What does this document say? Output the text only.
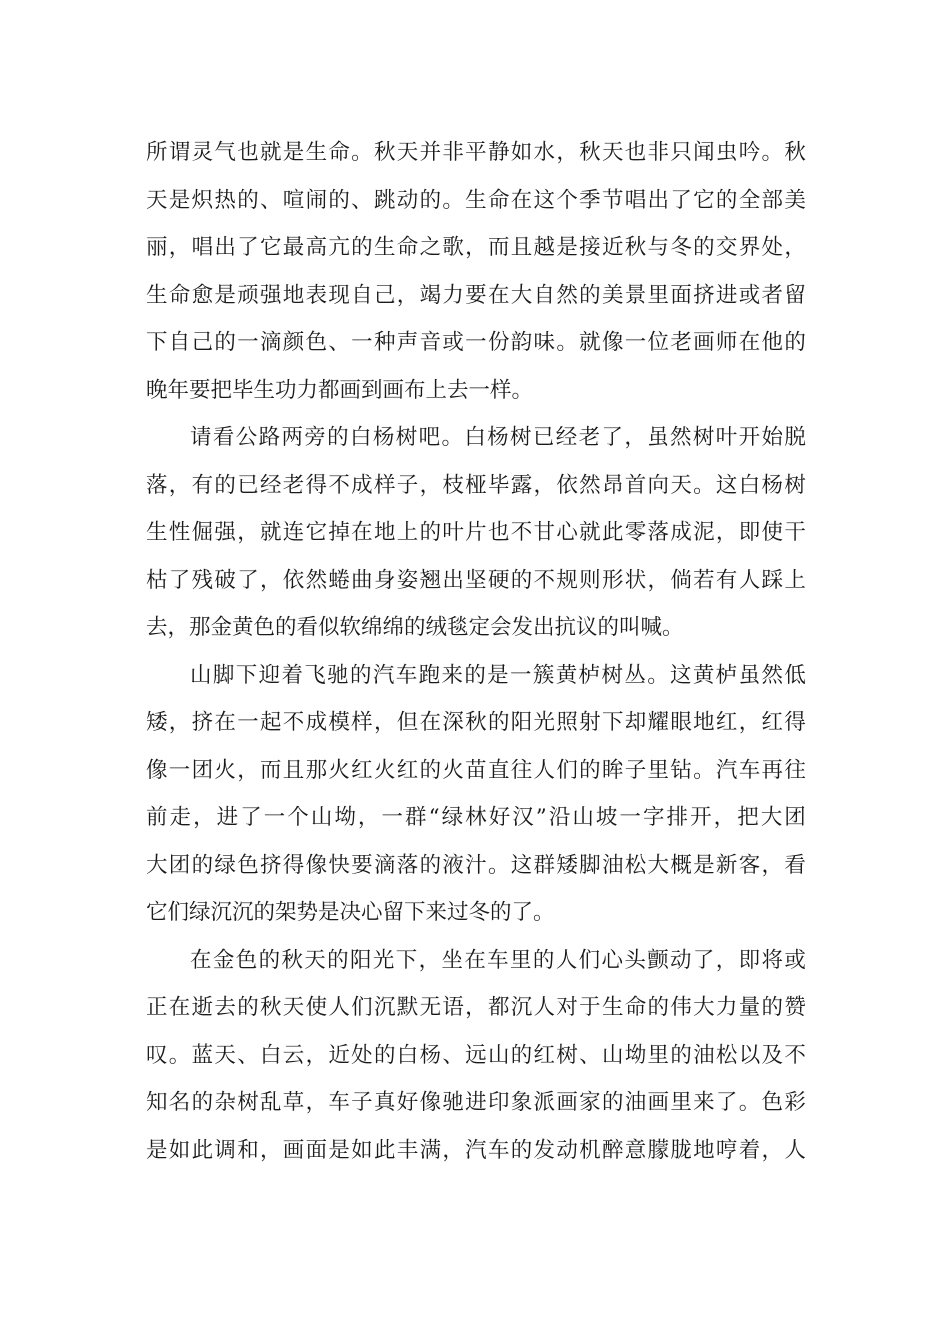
所 谓 灵 气 也 就 是 生 命 。 秋 天 并 非 平 静 如 水 ， 秋 天 也 非 只 闻 虫 吟 。 秋
天 是 炽 热 的 、 喧 闹 的 、 跳 动 的 。 生 命 在 这 个 季 节 唱 出 了 它 的 全 部 美
丽 ， 唱 出 了 它 最 高 亢 的 生 命 之 歌 ， 而 且 越 是 接 近 秋 与 冬 的 交 界 处 ，
生 命 愈 是 顽 强 地 表 现 自 己 ， 竭 力 要 在 大 自 然 的 美 景 里 面 挤 进 或 者 留
下 自 己 的 一 滴 颜 色 、 一 种 声 音 或 一 份 韵 味 。 就 像 一 位 老 画 师 在 他 的
晚年要把毕生功力都画到画布上去一样。
请 看 公 路 两 旁 的 白 杨 树 吧 。 白 杨 树 已 经 老 了 ， 虽 然 树 叶 开 始 脱
落 ， 有 的 已 经 老 得 不 成 样 子 ， 枝 桠 毕 露 ， 依 然 昂 首 向 天 。 这 白 杨 树
生 性 倔 强 ， 就 连 它 掉 在 地 上 的 叶 片 也 不 甘 心 就 此 零 落 成 泥 ， 即 使 干
枯 了 残 破 了 ， 依 然 蜷 曲 身 姿 翘 出 坚 硬 的 不 规 则 形 状 ， 倘 若 有 人 踩 上
去，那金黄色的看似软绵绵的绒毯定会发出抗议的叫喊。
山 脚 下 迎 着 飞 驰 的 汽 车 跑 来 的 是 一 簇 黄 栌 树 丛 。 这 黄 栌 虽 然 低
矮 ， 挤 在 一 起 不 成 模 样 ， 但 在 深 秋 的 阳 光 照 射 下 却 耀 眼 地 红 ， 红 得
像 一 团 火 ， 而 且 那 火 红 火 红 的 火 苗 直 往 人 们 的 眸 子 里 钻 。 汽 车 再 往
前 走 ， 进 了 一 个 山 坳 ， 一 群 “ 绿 林 好 汉 ” 沿 山 坡 一 字 排 开 ， 把 大 团
大 团 的 绿 色 挤 得 像 快 要 滴 落 的 液 汁 。 这 群 矮 脚 油 松 大 概 是 新 客 ， 看
它们绿沉沉的架势是决心留下来过冬的了。
在 金 色 的 秋 天 的 阳 光 下 ， 坐 在 车 里 的 人 们 心 头 颤 动 了 ， 即 将 或
正 在 逝 去 的 秋 天 使 人 们 沉 默 无 语 ， 都 沉 人 对 于 生 命 的 伟 大 力 量 的 赞
叹 。 蓝 天 、 白 云 ， 近 处 的 白 杨 、 远 山 的 红 树 、 山 坳 里 的 油 松 以 及 不
知 名 的 杂 树 乱 草 ， 车 子 真 好 像 驰 进 印 象 派 画 家 的 油 画 里 来 了 。 色 彩
是 如 此 调 和 ， 画 面 是 如 此 丰 满 ， 汽 车 的 发 动 机 醉 意 朦 胧 地 哼 着 ， 人
